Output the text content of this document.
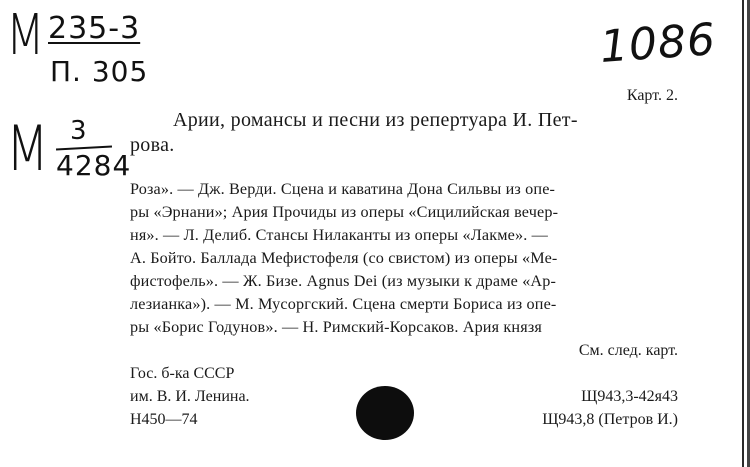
М 235-3
П. 305
М 3
4284
1086
Карт. 2.
Арии, романсы и песни из репертуара И. Пет-
рова.
Роза». — Дж. Верди. Сцена и каватина Дона Сильвы из опе-
ры «Эрнани»; Ария Прочиды из оперы «Сицилийская вечер-
ня». — Л. Делиб. Стансы Нилаканты из оперы «Лакме». —
А. Бойто. Баллада Мефистофеля (со свистом) из оперы «Ме-
фистофель». — Ж. Бизе. Agnus Dei (из музыки к драме «Ар-
лезианка»). — М. Мусоргский. Сцена смерти Бориса из опе-
ры «Борис Годунов». — Н. Римский-Корсаков. Ария князя
См. след. карт.
Гос. б-ка СССР
им. В. И. Ленина.
Н450—74
Щ943,3-42я43
Щ943,8 (Петров И.)
